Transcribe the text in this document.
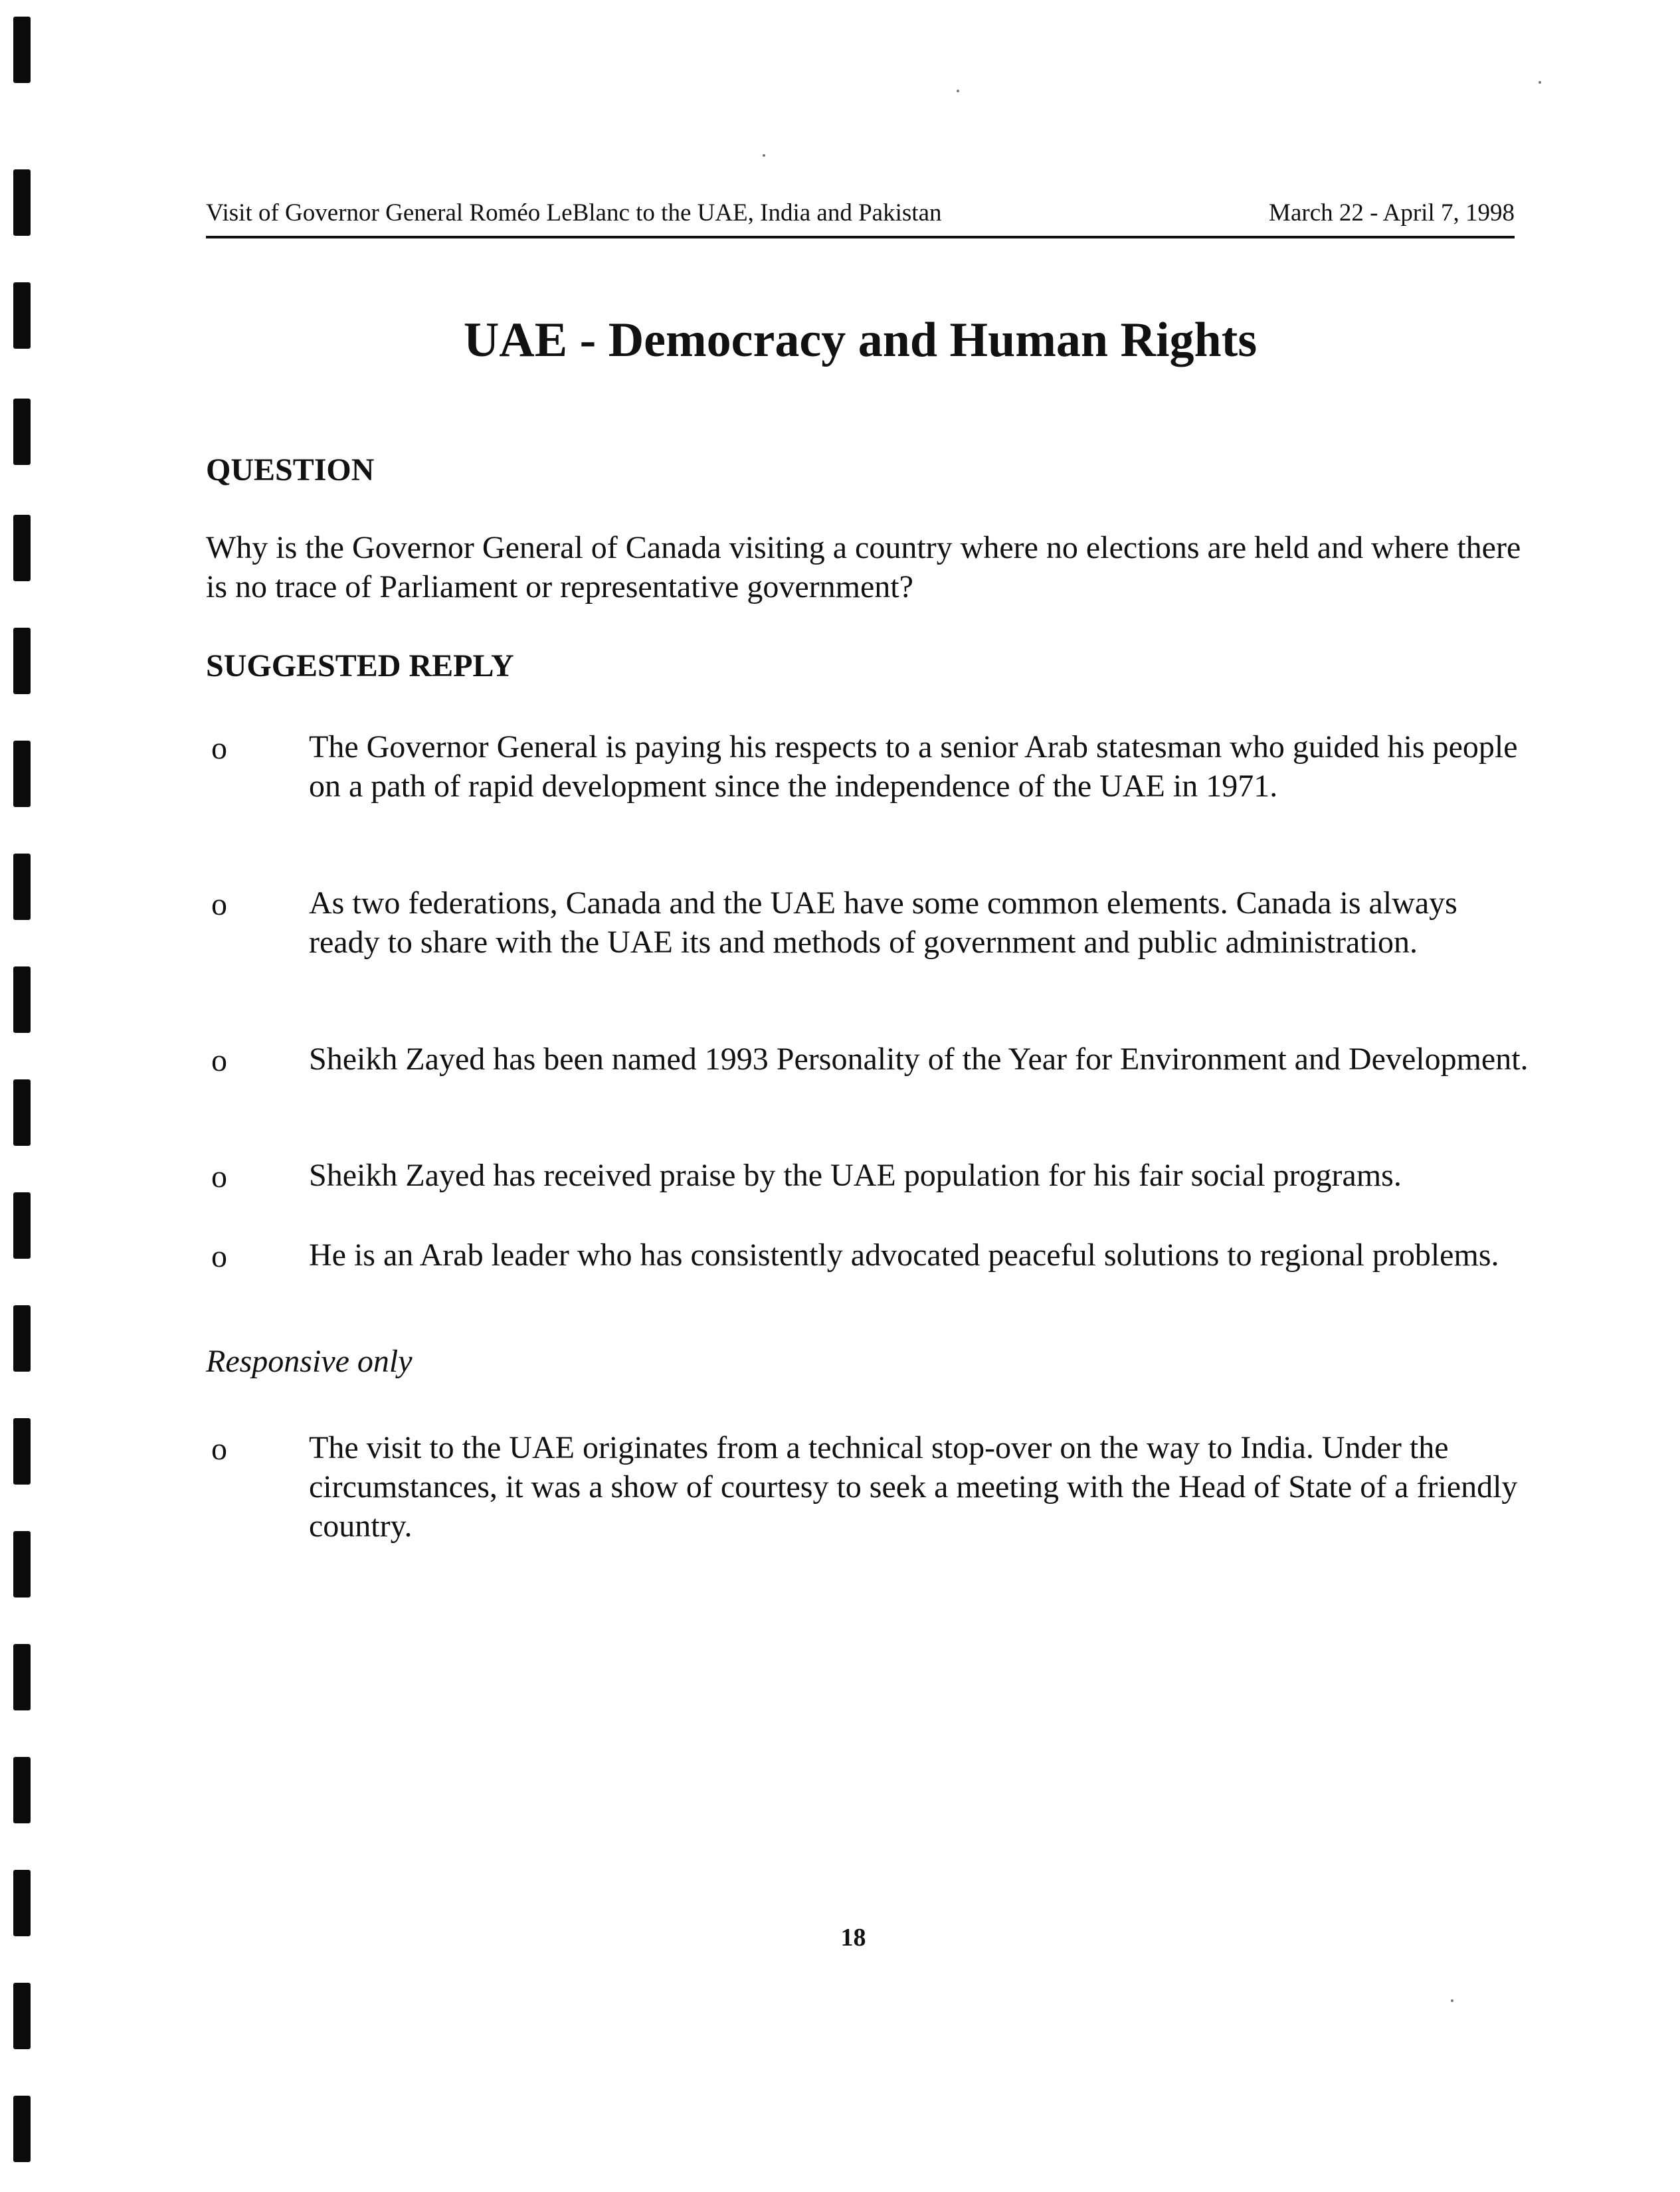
Visit of Governor General Roméo LeBlanc to the UAE, India and Pakistan	March 22 - April 7, 1998
UAE - Democracy and Human Rights
QUESTION
Why is the Governor General of Canada visiting a country where no elections are held and where there is no trace of Parliament or representative government?
SUGGESTED REPLY
o	The Governor General is paying his respects to a senior Arab statesman who guided his people on a path of rapid development since the independence of the UAE in 1971.
o	As two federations, Canada and the UAE have some common elements. Canada is always ready to share with the UAE its and methods of government and public administration.
o	Sheikh Zayed has been named 1993 Personality of the Year for Environment and Development.
o	Sheikh Zayed has received praise by the UAE population for his fair social programs.
o	He is an Arab leader who has consistently advocated peaceful solutions to regional problems.
Responsive only
o	The visit to the UAE originates from a technical stop-over on the way to India. Under the circumstances, it was a show of courtesy to seek a meeting with the Head of State of a friendly country.
18
